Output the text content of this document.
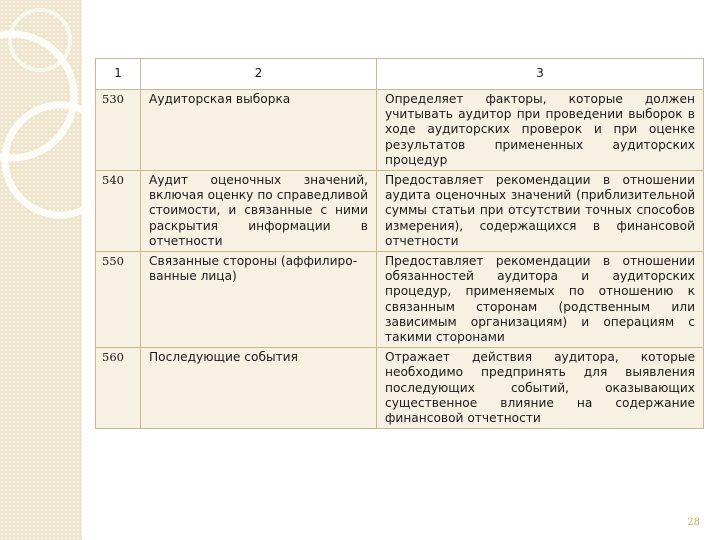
1	2	3
530	Аудиторская выборка	Определяет факторы, которые должен учитывать аудитор при проведении выборок в ходе аудиторских проверок и при оценке результатов примененных аудиторских процедур
540	Аудит оценочных значений, включая оценку по справедливой стоимости, и связанные с ними раскрытия информации в отчетности	Предоставляет рекомендации в отношении аудита оценочных значений (приблизительной суммы статьи при отсутствии точных способов измерения), содержащихся в финансовой отчетности
550	Связанные стороны (аффилиро-ванные лица)	Предоставляет рекомендации в отношении обязанностей аудитора и аудиторских процедур, применяемых по отношению к связанным сторонам (родственным или зависимым организациям) и операциям с такими сторонами
560	Последующие события	Отражает действия аудитора, которые необходимо предпринять для выявления последующих событий, оказывающих существенное влияние на содержание финансовой отчетности
28
